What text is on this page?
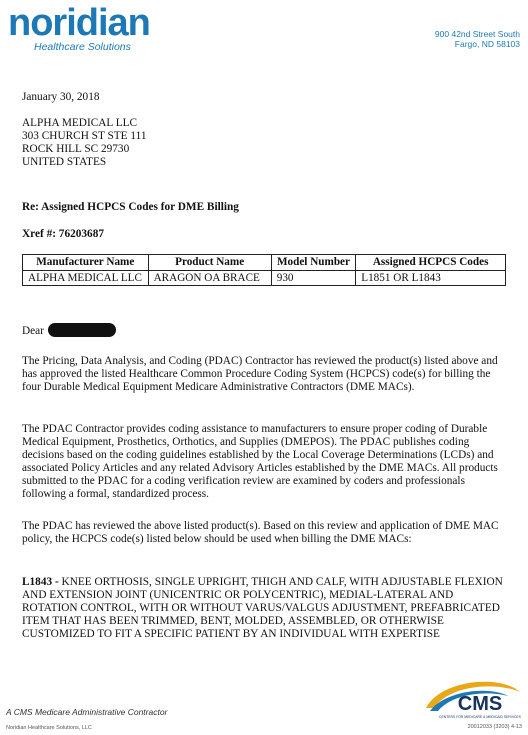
noridian
Healthcare Solutions
900 42nd Street South
Fargo, ND 58103
January 30, 2018
ALPHA MEDICAL LLC
303 CHURCH ST STE 111
ROCK HILL SC 29730
UNITED STATES
Re: Assigned HCPCS Codes for DME Billing
Xref #: 76203687
Manufacturer Name	Product Name	Model Number	Assigned HCPCS Codes
ALPHA MEDICAL LLC	ARAGON OA BRACE	930	L1851 OR L1843
Dear

The Pricing, Data Analysis, and Coding (PDAC) Contractor has reviewed the product(s) listed above and has approved the listed Healthcare Common Procedure Coding System (HCPCS) code(s) for billing the four Durable Medical Equipment Medicare Administrative Contractors (DME MACs).

The PDAC Contractor provides coding assistance to manufacturers to ensure proper coding of Durable Medical Equipment, Prosthetics, Orthotics, and Supplies (DMEPOS). The PDAC publishes coding decisions based on the coding guidelines established by the Local Coverage Determinations (LCDs) and associated Policy Articles and any related Advisory Articles established by the DME MACs. All products submitted to the PDAC for a coding verification review are examined by coders and professionals following a formal, standardized process.

The PDAC has reviewed the above listed product(s). Based on this review and application of DME MAC policy, the HCPCS code(s) listed below should be used when billing the DME MACs:

L1843 - KNEE ORTHOSIS, SINGLE UPRIGHT, THIGH AND CALF, WITH ADJUSTABLE FLEXION AND EXTENSION JOINT (UNICENTRIC OR POLYCENTRIC), MEDIAL-LATERAL AND ROTATION CONTROL, WITH OR WITHOUT VARUS/VALGUS ADJUSTMENT, PREFABRICATED ITEM THAT HAS BEEN TRIMMED, BENT, MOLDED, ASSEMBLED, OR OTHERWISE CUSTOMIZED TO FIT A SPECIFIC PATIENT BY AN INDIVIDUAL WITH EXPERTISE
A CMS Medicare Administrative Contractor
Noridian Healthcare Solutions, LLC
CMS
CENTERS FOR MEDICARE & MEDICAID SERVICES
20012033 (3203) 4-13
